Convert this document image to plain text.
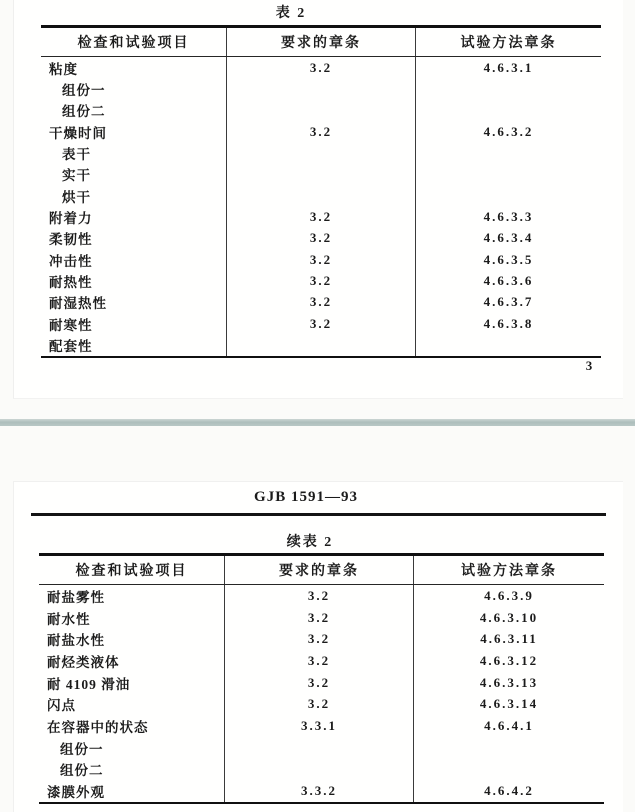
表 2
检查和试验项目	要求的章条	试验方法章条
粘度	3.2	4.6.3.1
组份一
组份二
干燥时间	3.2	4.6.3.2
表干
实干
烘干
附着力	3.2	4.6.3.3
柔韧性	3.2	4.6.3.4
冲击性	3.2	4.6.3.5
耐热性	3.2	4.6.3.6
耐湿热性	3.2	4.6.3.7
耐寒性	3.2	4.6.3.8
配套性
3
GJB 1591—93
续表 2
检查和试验项目	要求的章条	试验方法章条
耐盐雾性	3.2	4.6.3.9
耐水性	3.2	4.6.3.10
耐盐水性	3.2	4.6.3.11
耐烃类液体	3.2	4.6.3.12
耐 4109 滑油	3.2	4.6.3.13
闪点	3.2	4.6.3.14
在容器中的状态	3.3.1	4.6.4.1
组份一
组份二
漆膜外观	3.3.2	4.6.4.2
